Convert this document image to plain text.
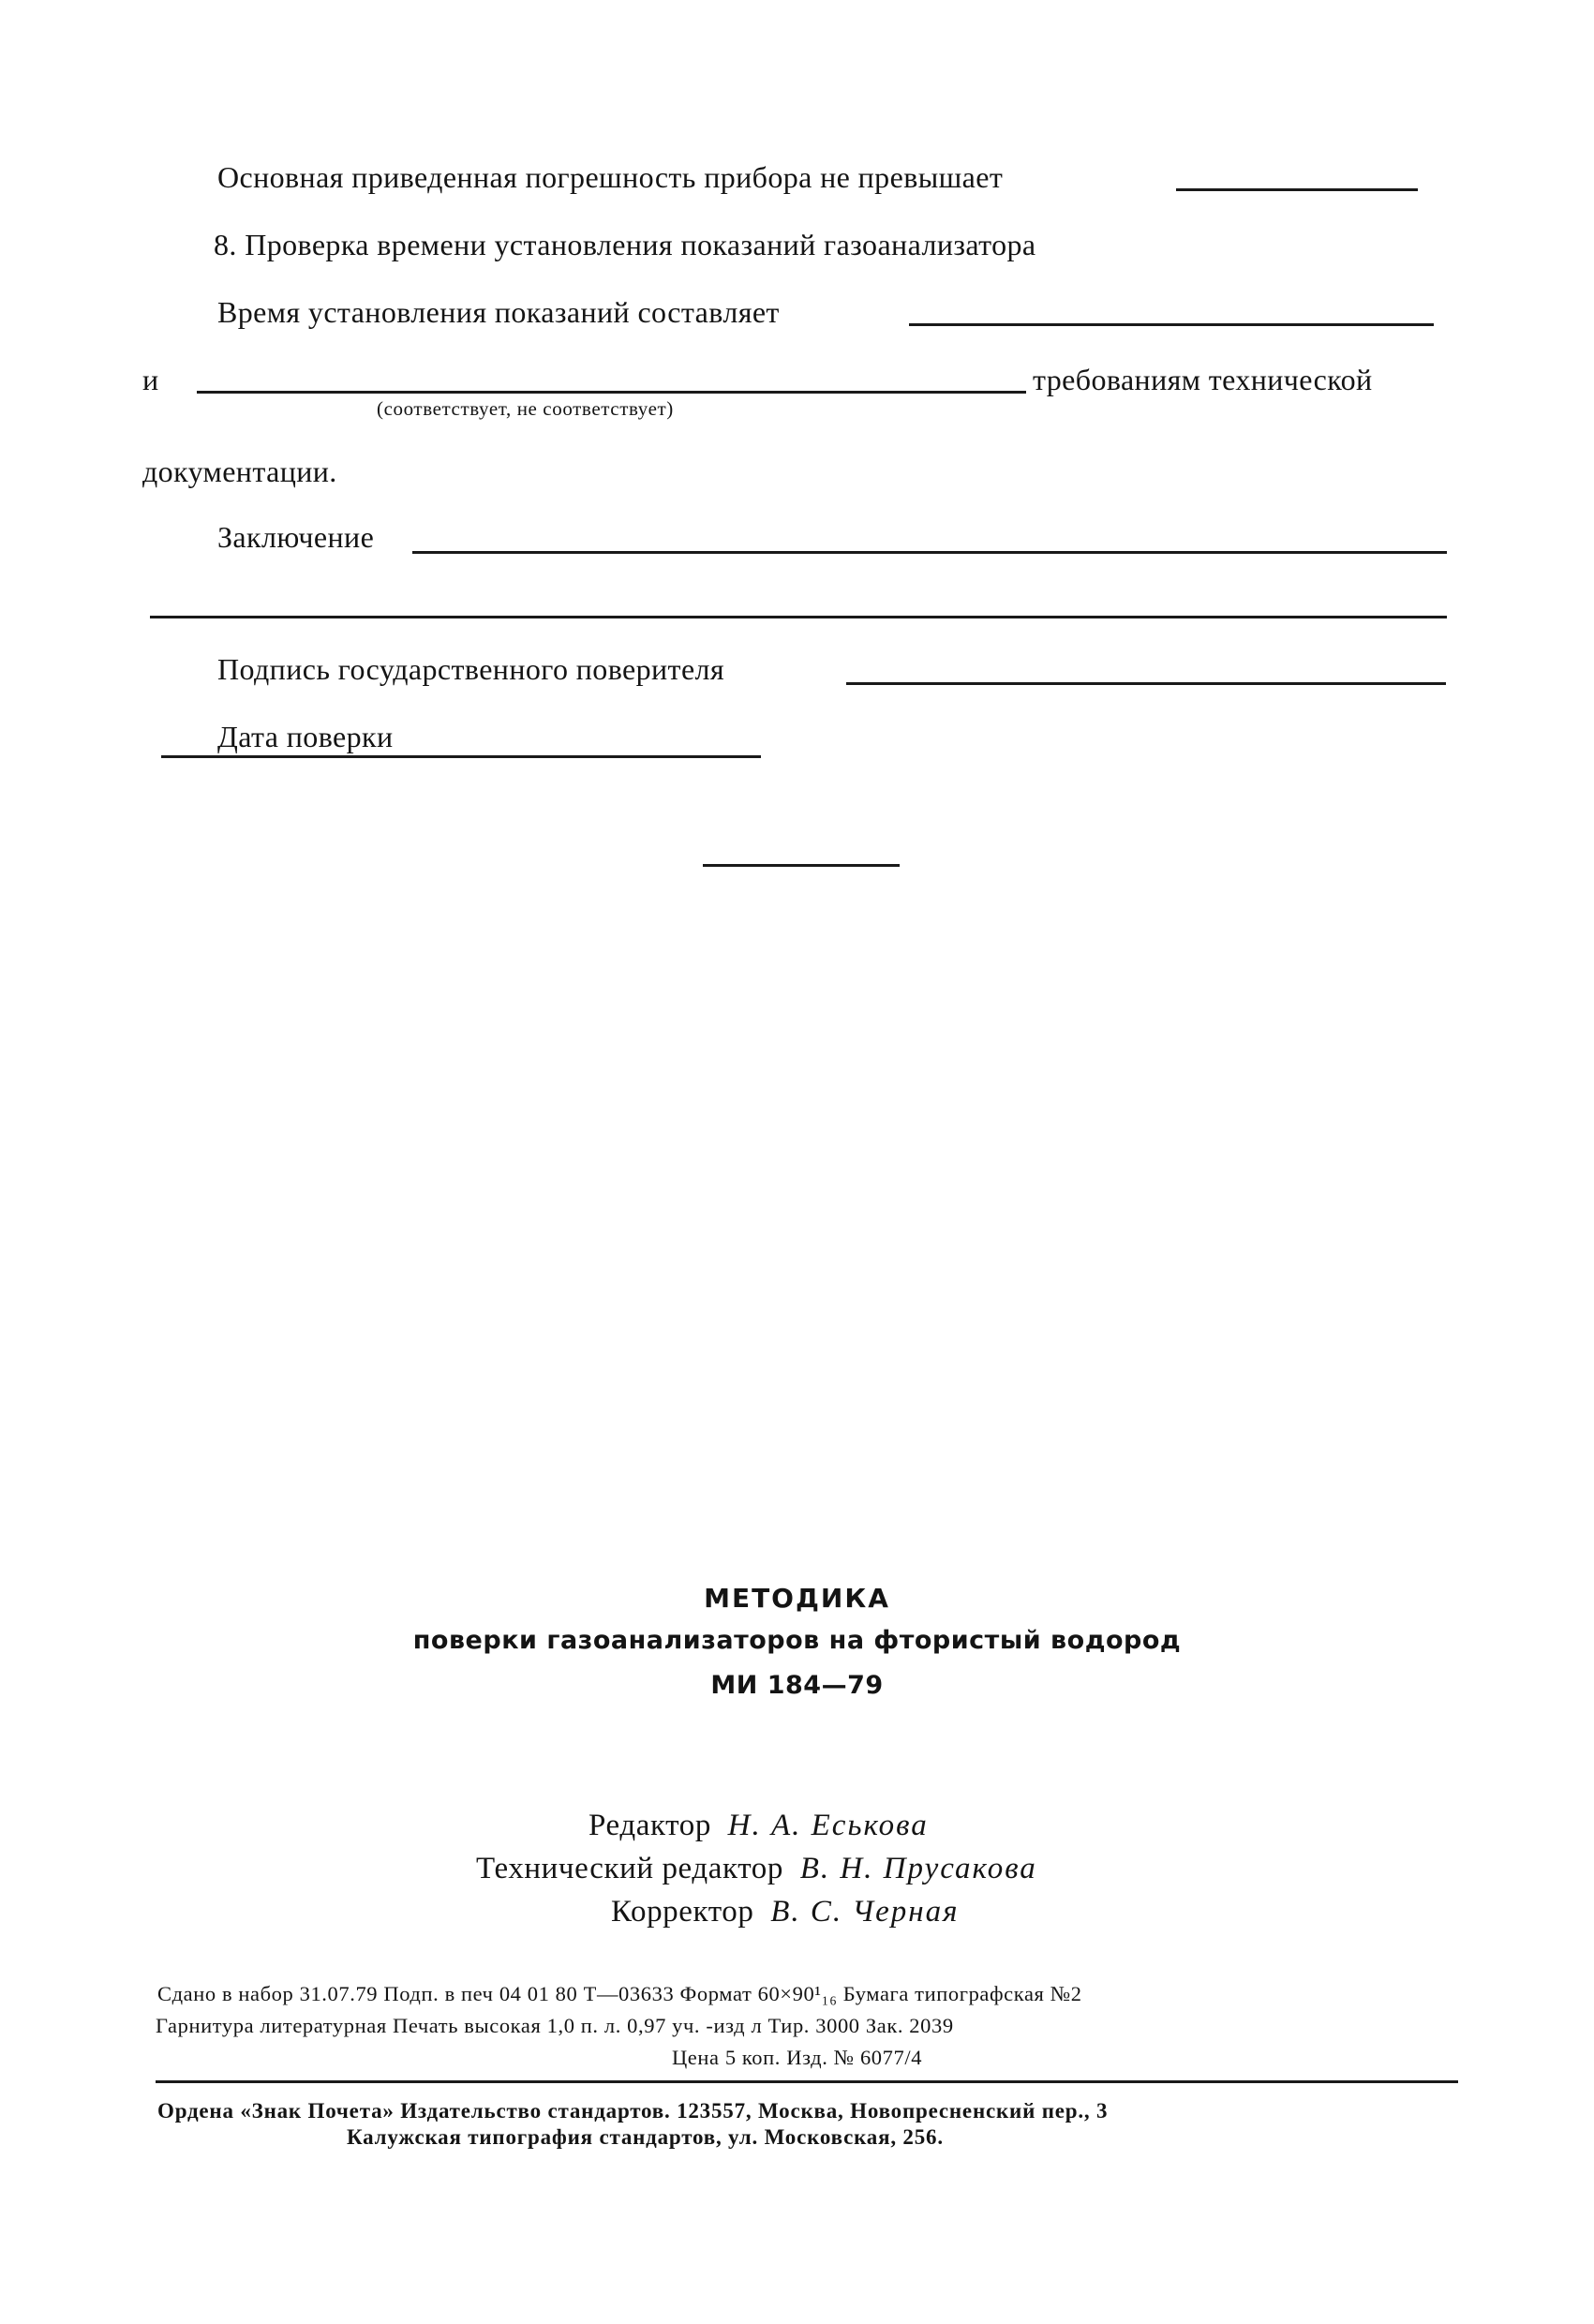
Основная приведенная погрешность прибора не превышает
8. Проверка времени установления показаний газоанализатора
Время установления показаний составляет
и	требованиям технической
(соответствует, не соответствует)
документации.
Заключение
Подпись государственного поверителя
Дата поверки
МЕТОДИКА
поверки газоанализаторов на фтористый водород
МИ 184—79
Редактор Н. А. Еськова
Технический редактор В. Н. Прусакова
Корректор В. С. Черная
Сдано в набор 31.07.79 Подп. в печ 04 01 80 Т—03633 Формат 60×90¹₁₆ Бумага типографская №2
Гарнитура литературная Печать высокая 1,0 п. л. 0,97 уч. -изд л Тир. 3000 Зак. 2039
Цена 5 коп. Изд. № 6077/4
Ордена «Знак Почета» Издательство стандартов. 123557, Москва, Новопресненский пер., 3
Калужская типография стандартов, ул. Московская, 256.
